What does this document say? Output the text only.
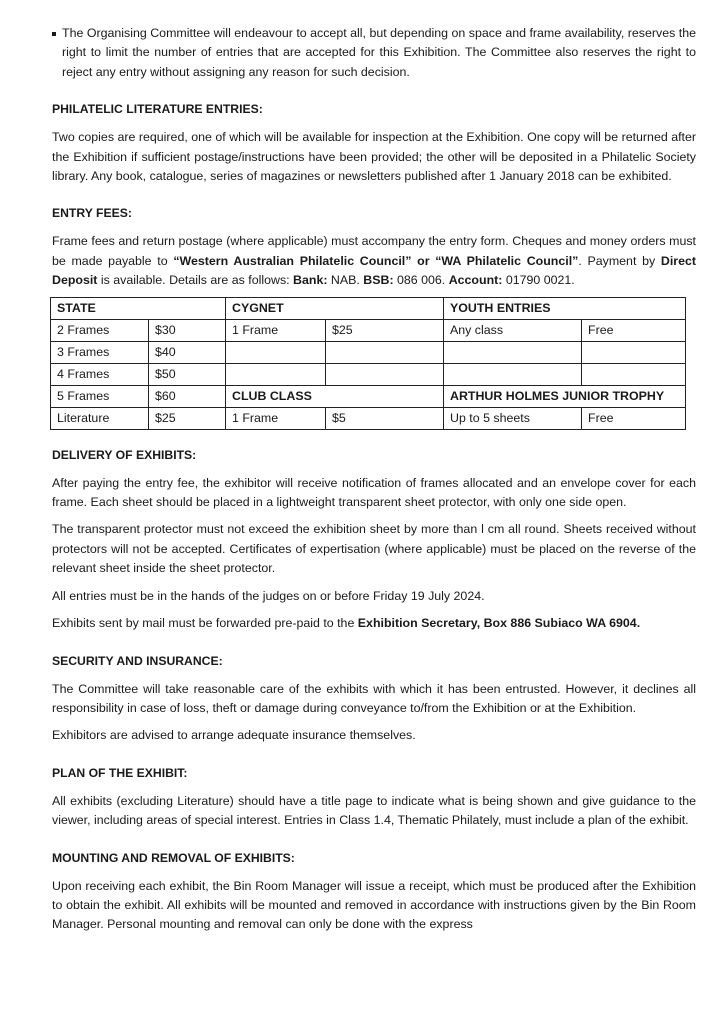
The Organising Committee will endeavour to accept all, but depending on space and frame availability, reserves the right to limit the number of entries that are accepted for this Exhibition. The Committee also reserves the right to reject any entry without assigning any reason for such decision.

PHILATELIC LITERATURE ENTRIES:

Two copies are required, one of which will be available for inspection at the Exhibition. One copy will be returned after the Exhibition if sufficient postage/instructions have been provided; the other will be deposited in a Philatelic Society library. Any book, catalogue, series of magazines or newsletters published after 1 January 2018 can be exhibited.

ENTRY FEES:

Frame fees and return postage (where applicable) must accompany the entry form. Cheques and money orders must be made payable to “Western Australian Philatelic Council” or “WA Philatelic Council”. Payment by Direct Deposit is available. Details are as follows: Bank: NAB. BSB: 086 006. Account: 01790 0021.

STATE		CYGNET		YOUTH ENTRIES	
2 Frames	$30	1 Frame	$25	Any class	Free
3 Frames	$40				
4 Frames	$50				
5 Frames	$60	CLUB CLASS		ARTHUR HOLMES JUNIOR TROPHY	
Literature	$25	1 Frame	$5	Up to 5 sheets	Free
DELIVERY OF EXHIBITS:

After paying the entry fee, the exhibitor will receive notification of frames allocated and an envelope cover for each frame. Each sheet should be placed in a lightweight transparent sheet protector, with only one side open.

The transparent protector must not exceed the exhibition sheet by more than l cm all round. Sheets received without protectors will not be accepted. Certificates of expertisation (where applicable) must be placed on the reverse of the relevant sheet inside the sheet protector.

All entries must be in the hands of the judges on or before Friday 19 July 2024.

Exhibits sent by mail must be forwarded pre-paid to the Exhibition Secretary, Box 886 Subiaco WA 6904.

SECURITY AND INSURANCE:

The Committee will take reasonable care of the exhibits with which it has been entrusted. However, it declines all responsibility in case of loss, theft or damage during conveyance to/from the Exhibition or at the Exhibition.

Exhibitors are advised to arrange adequate insurance themselves.

PLAN OF THE EXHIBIT:

All exhibits (excluding Literature) should have a title page to indicate what is being shown and give guidance to the viewer, including areas of special interest. Entries in Class 1.4, Thematic Philately, must include a plan of the exhibit.

MOUNTING AND REMOVAL OF EXHIBITS:

Upon receiving each exhibit, the Bin Room Manager will issue a receipt, which must be produced after the Exhibition to obtain the exhibit. All exhibits will be mounted and removed in accordance with instructions given by the Bin Room Manager. Personal mounting and removal can only be done with the express
